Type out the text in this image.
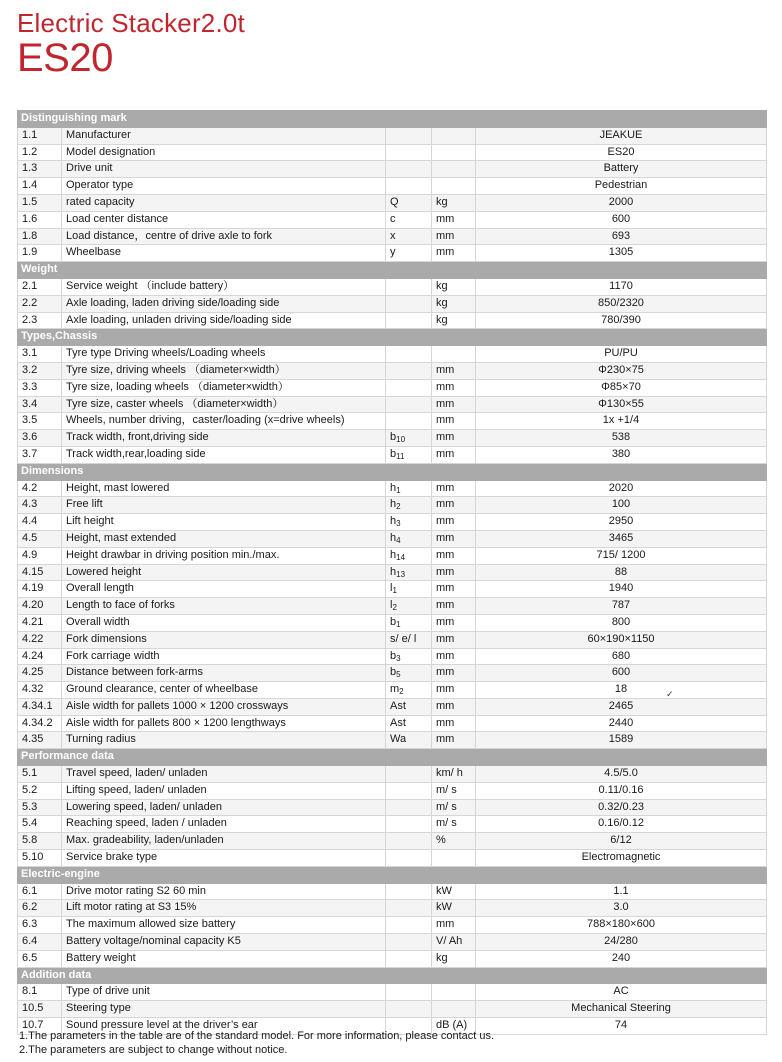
Electric Stacker2.0t
ES20
Distinguishing mark				
1.1	Manufacturer			JEAKUE
1.2	Model designation			ES20
1.3	Drive unit			Battery
1.4	Operator type			Pedestrian
1.5	rated capacity	Q	kg	2000
1.6	Load center distance	c	mm	600
1.8	Load distance，centre of drive axle to fork	x	mm	693
1.9	Wheelbase	y	mm	1305
Weight				
2.1	Service weight （include battery）		kg	1170
2.2	Axle loading, laden driving side/loading side		kg	850/2320
2.3	Axle loading, unladen driving side/loading side		kg	780/390
Types,Chassis				
3.1	Tyre type Driving wheels/Loading wheels			PU/PU
3.2	Tyre size, driving wheels （diameter×width）		mm	Φ230×75
3.3	Tyre size, loading wheels （diameter×width）		mm	Φ85×70
3.4	Tyre size, caster wheels （diameter×width）		mm	Φ130×55
3.5	Wheels, number driving，caster/loading (x=drive wheels)		mm	1x +1/4
3.6	Track width, front,driving side	$b_{10}$	mm	538
3.7	Track width,rear,loading side	$b_{11}$	mm	380
Dimensions				
4.2	Height, mast lowered	$h_1$	mm	2020
4.3	Free lift	$h_2$	mm	100
4.4	Lift height	$h_3$	mm	2950
4.5	Height, mast extended	$h_4$	mm	3465
4.9	Height drawbar in driving position min./max.	$h_{14}$	mm	715/ 1200
4.15	Lowered height	$h_{13}$	mm	88
4.19	Overall length	$l_1$	mm	1940
4.20	Length to face of forks	$l_2$	mm	787
4.21	Overall width	$b_1$	mm	800
4.22	Fork dimensions	s/ e/ l	mm	60×190×1150
4.24	Fork carriage width	$b_3$	mm	680
4.25	Distance between fork-arms	$b_5$	mm	600
4.32	Ground clearance, center of wheelbase	$m_2$	mm	18
4.34.1	Aisle width for pallets 1000 × 1200 crossways	Ast	mm	2465
4.34.2	Aisle width for pallets 800 × 1200 lengthways	Ast	mm	2440
4.35	Turning radius	Wa	mm	1589
Performance data				
5.1	Travel speed, laden/ unladen		km/ h	4.5/5.0
5.2	Lifting speed, laden/ unladen		m/ s	0.11/0.16
5.3	Lowering speed, laden/ unladen		m/ s	0.32/0.23
5.4	Reaching speed, laden / unladen		m/ s	0.16/0.12
5.8	Max. gradeability, laden/unladen		%	6/12
5.10	Service brake type			Electromagnetic
Electric-engine				
6.1	Drive motor rating S2 60 min		kW	1.1
6.2	Lift motor rating at S3 15%		kW	3.0
6.3	The maximum allowed size battery		mm	788×180×600
6.4	Battery voltage/nominal capacity K5		V/ Ah	24/280
6.5	Battery weight		kg	240
Addition data				
8.1	Type of drive unit			AC
10.5	Steering type			Mechanical Steering
10.7	Sound pressure level at the driver’s ear		dB (A)	74
✓
1.The parameters in the table are of the standard model. For more information, please contact us.
2.The parameters are subject to change without notice.
